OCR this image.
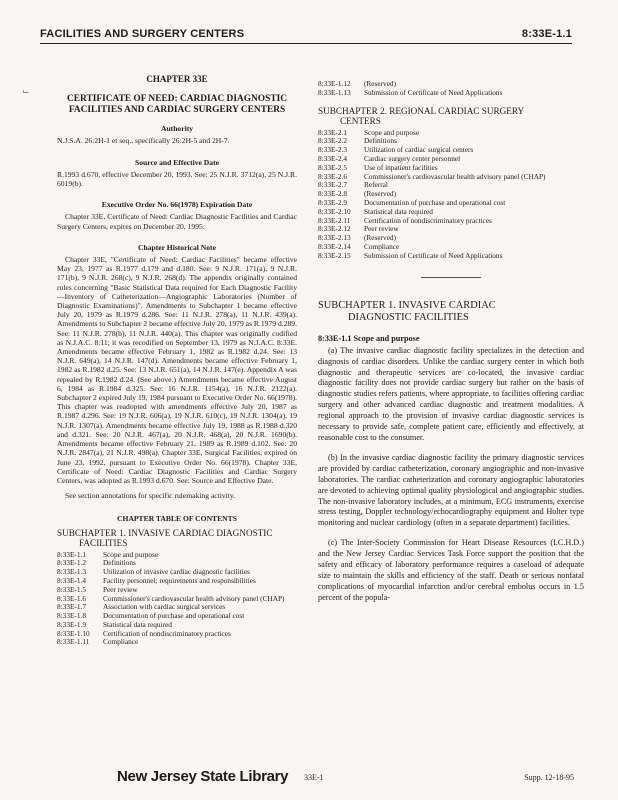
FACILITIES AND SURGERY CENTERS	8:33E-1.1
⌙
CHAPTER 33E
CERTIFICATE OF NEED: CARDIAC DIAGNOSTIC FACILITIES AND CARDIAC SURGERY CENTERS
Authority
N.J.S.A. 26:2H-1 et seq., specifically 26:2H-5 and 2H-7.
Source and Effective Date
R.1993 d.670, effective December 20, 1993. See: 25 N.J.R. 3712(a), 25 N.J.R. 6019(b).
Executive Order No. 66(1978) Expiration Date
Chapter 33E, Certificate of Need: Cardiac Diagnostic Facilities and Cardiac Surgery Centers, expires on December 20, 1995.
Chapter Historical Note
Chapter 33E, "Certificate of Need: Cardiac Facilities" became effective May 23, 1977 as R.1977 d.179 and d.180. See: 9 N.J.R. 171(a), 9 N.J.R. 171(b), 9 N.J.R. 268(c), 9 N.J.R. 268(d). The appendix originally contained rules concerning "Basic Statistical Data required for Each Diagnostic Facility—Inventory of Catheterization—Angiographic Laboratories (Number of Diagnostic Examinations)". Amendments to Subchapter 1 became effective July 20, 1979 as R.1979 d.286. See: 11 N.J.R. 278(a), 11 N.J.R. 439(a). Amendments to Subchapter 2 became effective July 20, 1979 as R.1979 d.289. See: 11 N.J.R. 278(b), 11 N.J.R. 440(a). This chapter was originally codified as N.J.A.C. 8:11; it was recodified on September 13, 1979 as N.J.A.C. 8:33E. Amendments became effective February 1, 1982 as R.1982 d.24. See: 13 N.J.R. 649(a), 14 N.J.R. 147(d). Amendments became effective February 1, 1982 as R.1982 d.25. See: 13 N.J.R. 651(a), 14 N.J.R. 147(e). Appendix A was repealed by R.1982 d.24. (See above.) Amendments became effective August 6, 1984 as R.1984 d.325. See: 16 N.J.R. 1154(a), 16 N.J.R. 2122(a). Subchapter 2 expired July 19, 1984 pursuant to Executive Order No. 66(1978). This chapter was readopted with amendments effective July 20, 1987 as R.1987 d.296. See: 19 N.J.R. 606(a), 19 N.J.R. 610(c), 19 N.J.R. 1304(a), 19 N.J.R. 1307(a). Amendments became effective July 19, 1988 as R.1988 d.320 and d.321. See: 20 N.J.R. 467(a), 20 N.J.R. 468(a), 20 N.J.R. 1690(b). Amendments became effective February 21, 1989 as R.1989 d.102. See: 20 N.J.R. 2847(a), 21 N.J.R. 498(a). Chapter 33E, Surgical Facilities, expired on June 23, 1992, pursuant to Executive Order No. 66(1978). Chapter 33E, Certificate of Need: Cardiac Diagnostic Facilities and Cardiac Surgery Centers, was adopted as R.1993 d.670. See: Source and Effective Date.
See section annotations for specific rulemaking activity.
CHAPTER TABLE OF CONTENTS
SUBCHAPTER 1. INVASIVE CARDIAC DIAGNOSTIC
FACILITIES
8:33E-1.1	Scope and purpose
8:33E-1.2	Definitions
8:33E-1.3	Utilization of invasive cardiac diagnostic facilities
8:33E-1.4	Facility personnel; requirements and responsibilities
8:33E-1.5	Peer review
8:33E-1.6	Commissioner's cardiovascular health advisory panel (CHAP)
8:33E-1.7	Association with cardiac surgical services
8:33E-1.8	Documentation of purchase and operational cost
8:33E-1.9	Statistical data required
8:33E-1.10	Certification of nondiscriminatory practices
8:33E-1.11	Compliance
8:33E-1.12	(Reserved)
8:33E-1.13	Submission of Certificate of Need Applications
SUBCHAPTER 2. REGIONAL CARDIAC SURGERY
CENTERS
8:33E-2.1	Scope and purpose
8:33E-2.2	Definitions
8:33E-2.3	Utilization of cardiac surgical centers
8:33E-2.4	Cardiac surgery center personnel
8:33E-2.5	Use of inpatient facilities
8:33E-2.6	Commissioner's cardiovascular health advisory panel (CHAP)
8:33E-2.7	Referral
8:33E-2.8	(Reserved)
8:33E-2.9	Documentation of purchase and operational cost
8:33E-2.10	Statistical data required
8:33E-2.11	Certification of nondiscriminatory practices
8:33E-2.12	Peer review
8:33E-2.13	(Reserved)
8:33E-2.14	Compliance
8:33E-2.15	Submission of Certificate of Need Applications
SUBCHAPTER 1. INVASIVE CARDIAC
DIAGNOSTIC FACILITIES
8:33E-1.1 Scope and purpose

(a) The invasive cardiac diagnostic facility specializes in the detection and diagnosis of cardiac disorders. Unlike the cardiac surgery center in which both diagnostic and therapeutic services are co-located, the invasive cardiac diagnostic facility does not provide cardiac surgery but rather on the basis of diagnostic studies refers patients, where appropriate, to facilities offering cardiac surgery and other advanced cardiac diagnostic and treatment modalities. A regional approach to the provision of invasive cardiac diagnostic services is necessary to provide safe, complete patient care, efficiently and effectively, at reasonable cost to the consumer.

(b) In the invasive cardiac diagnostic facility the primary diagnostic services are provided by cardiac catheterization, coronary angiographic and non-invasive laboratories. The cardiac catheterization and coronary angiographic laboratories are devoted to achieving optimal quality physiological and angiographic studies. The non-invasive laboratory includes, at a minimum, ECG instruments, exercise stress testing, Doppler technology/echocardiography equipment and Holter type monitoring and nuclear cardiology (often in a separate department) facilities.

(c) The Inter-Society Commission for Heart Disease Resources (I.C.H.D.) and the New Jersey Cardiac Services Task Force support the position that the safety and efficacy of laboratory performance requires a caseload of adequate size to maintain the skills and efficiency of the staff. Death or serious nonfatal complications of myocardial infarction and/or cerebral embolus occurs in 1.5 percent of the popula-

New Jersey State Library 33E-1	Supp. 12-18-95
